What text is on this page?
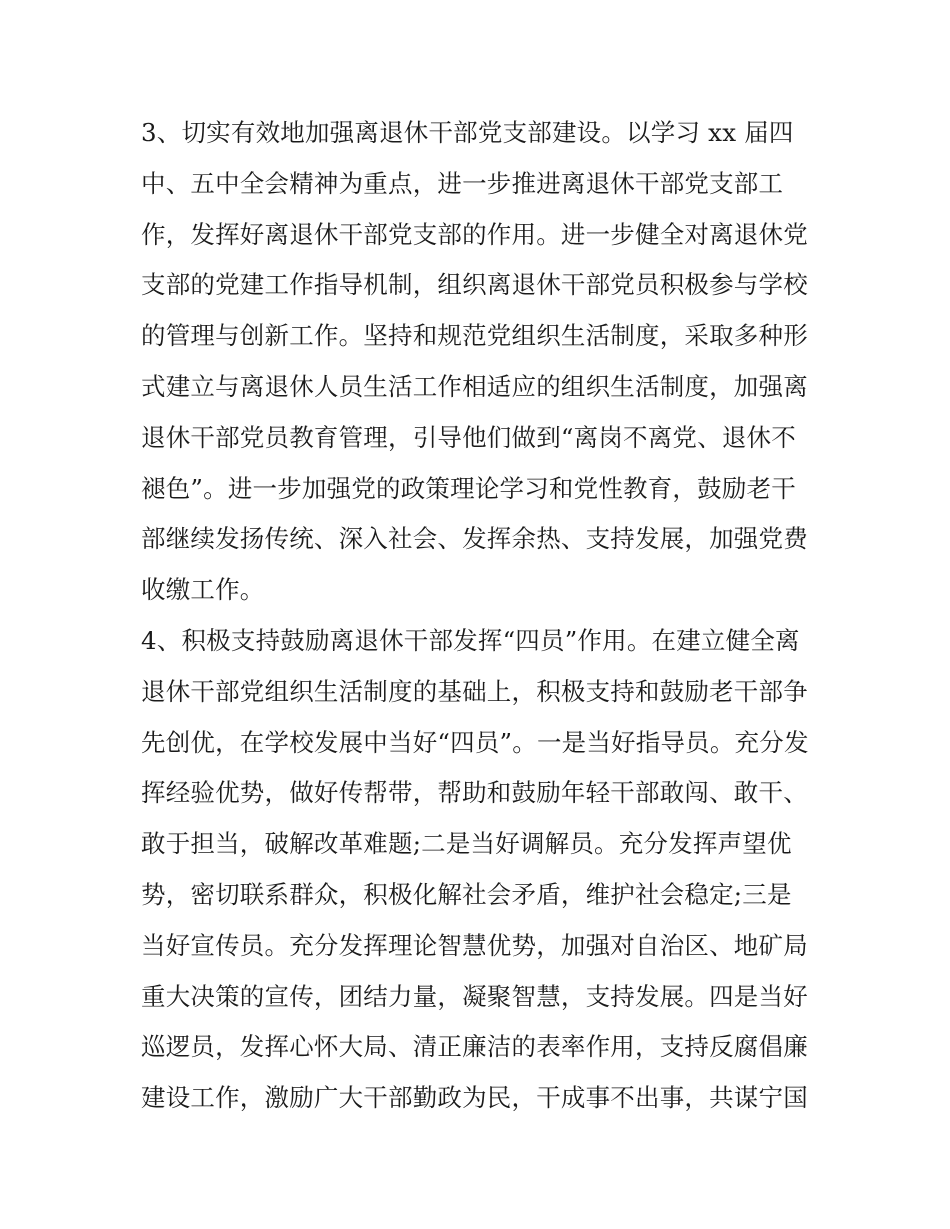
3、切实有效地加强离退休干部党支部建设。以学习 xx 届四
中、五中全会精神为重点，进一步推进离退休干部党支部工
作，发挥好离退休干部党支部的作用。进一步健全对离退休党
支部的党建工作指导机制，组织离退休干部党员积极参与学校
的管理与创新工作。坚持和规范党组织生活制度，采取多种形
式建立与离退休人员生活工作相适应的组织生活制度，加强离
退休干部党员教育管理，引导他们做到“离岗不离党、退休不
褪色”。进一步加强党的政策理论学习和党性教育，鼓励老干
部继续发扬传统、深入社会、发挥余热、支持发展，加强党费
收缴工作。
4、积极支持鼓励离退休干部发挥“四员”作用。在建立健全离
退休干部党组织生活制度的基础上，积极支持和鼓励老干部争
先创优，在学校发展中当好“四员”。一是当好指导员。充分发
挥经验优势，做好传帮带，帮助和鼓励年轻干部敢闯、敢干、
敢于担当，破解改革难题;二是当好调解员。充分发挥声望优
势，密切联系群众，积极化解社会矛盾，维护社会稳定;三是
当好宣传员。充分发挥理论智慧优势，加强对自治区、地矿局
重大决策的宣传，团结力量，凝聚智慧，支持发展。四是当好
巡逻员，发挥心怀大局、清正廉洁的表率作用，支持反腐倡廉
建设工作，激励广大干部勤政为民，干成事不出事，共谋宁国
